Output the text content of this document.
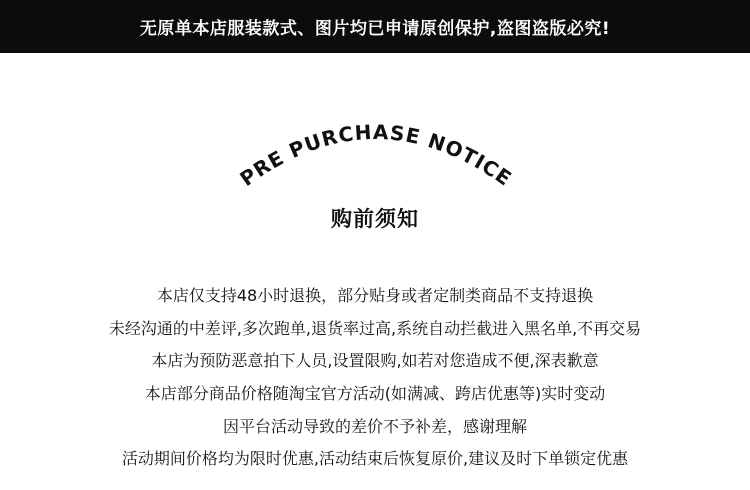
无原单本店服装款式、图片均已申请原创保护,盗图盗版必究!
PRE PURCHASE NOTICE
购前须知
本店仅支持48小时退换，部分贴身或者定制类商品不支持退换
未经沟通的中差评,多次跑单,退货率过高,系统自动拦截进入黑名单,不再交易
本店为预防恶意拍下人员,设置限购,如若对您造成不便,深表歉意
本店部分商品价格随淘宝官方活动(如满减、跨店优惠等)实时变动
因平台活动导致的差价不予补差，感谢理解
活动期间价格均为限时优惠,活动结束后恢复原价,建议及时下单锁定优惠
